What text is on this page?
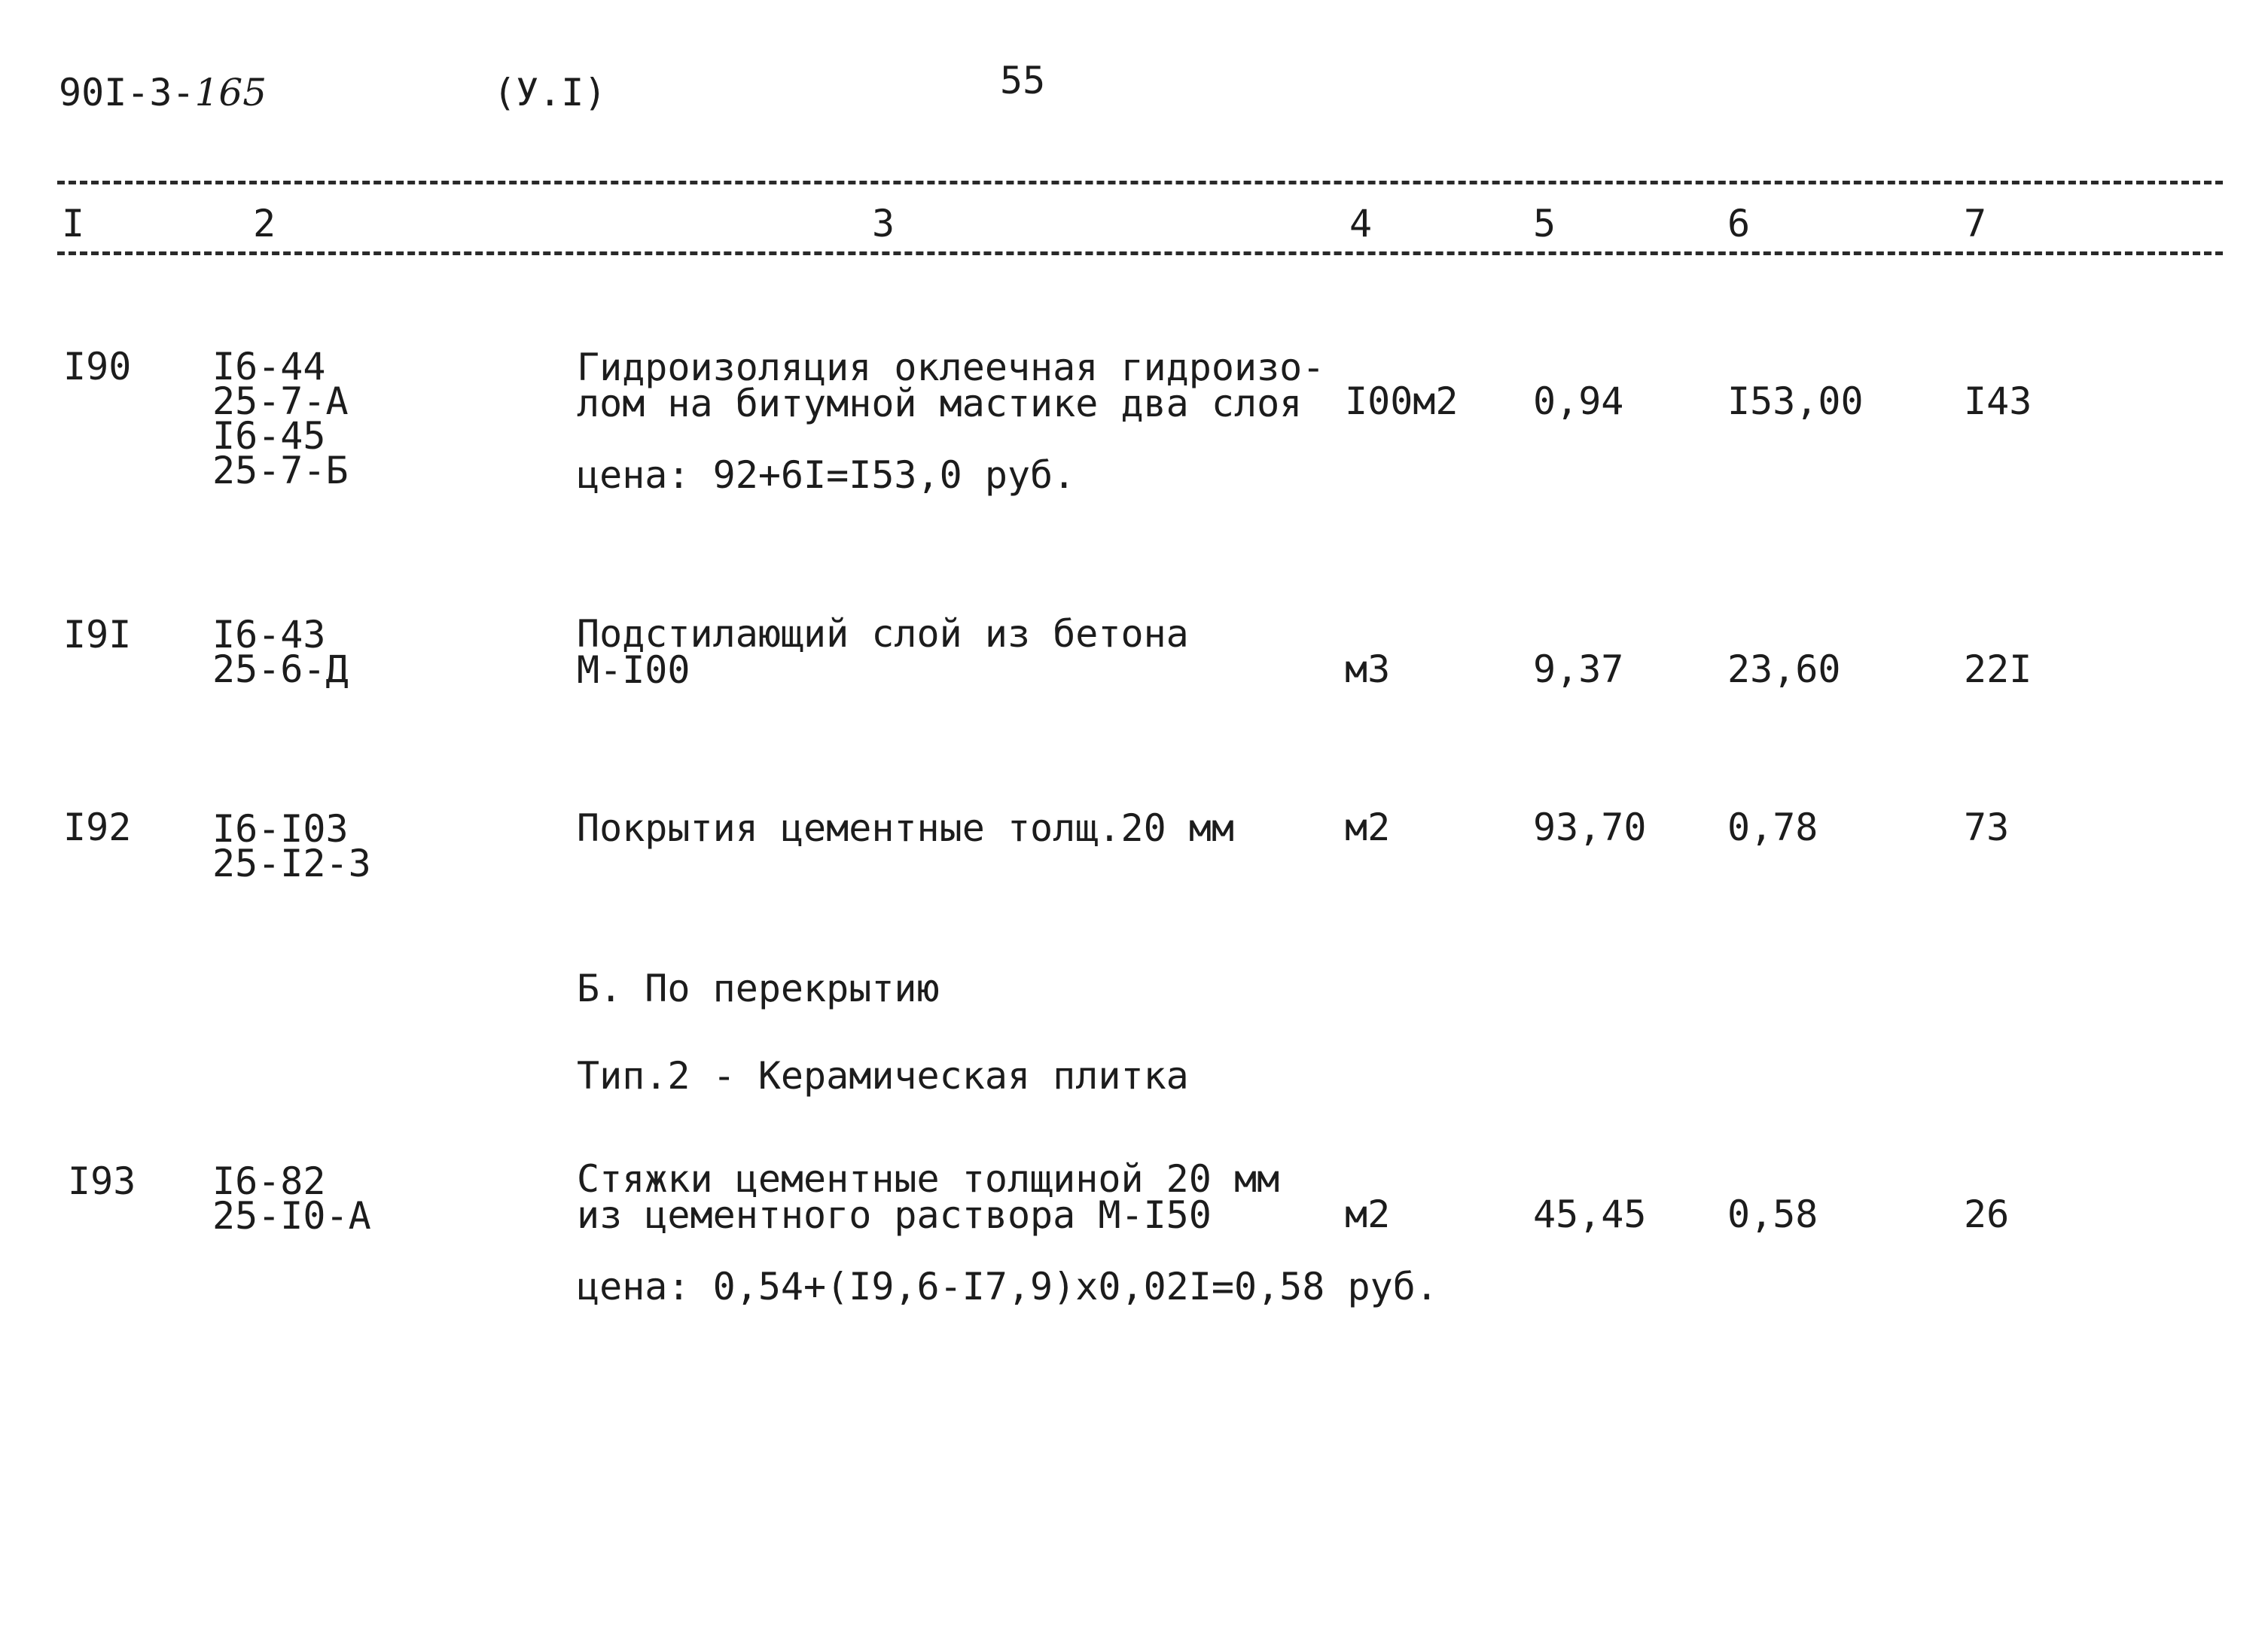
90I-3-165	(У.I)	55
I	2	3	4	5	6	7
I90 I6-44
25-7-А
I6-45
25-7-Б
Гидроизоляция оклеечная гидроизо-
лом на битумной мастике два слоя	I00м2 0,94	I53,00	I43
цена: 92+6I=I53,0 руб.
I9I I6-43
25-6-Д
Подстилающий слой из бетона
М-I00	м3	9,37	23,60	22I
I92 I6-I03
25-I2-3
Покрытия цементные толщ.20 мм	м2	93,70 0,78	73
Б. По перекрытию
Тип.2 - Керамическая плитка
I93 I6-82
25-I0-А
Стяжки цементные толщиной 20 мм
из цементного раствора М-I50	м2	45,45 0,58	26
цена: 0,54+(I9,6-I7,9)x0,02I=0,58 руб.
